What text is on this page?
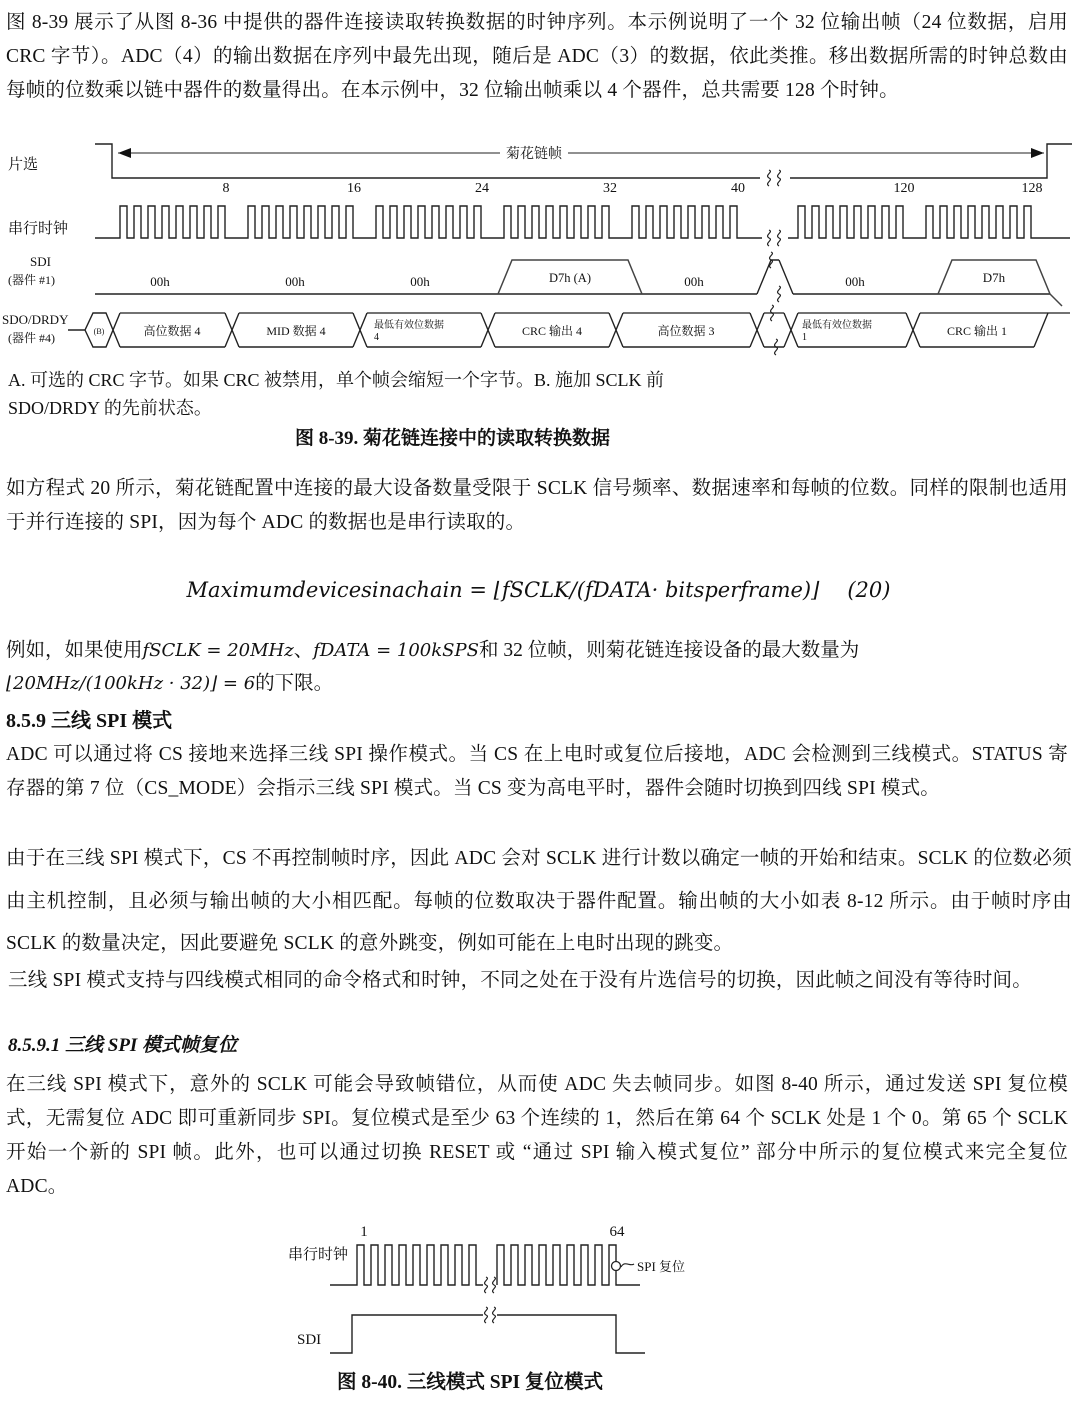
图 8-39 展示了从图 8-36 中提供的器件连接读取转换数据的时钟序列。本示例说明了一个 32 位输出帧（24 位数据，启用 CRC 字节）。ADC（4）的输出数据在序列中最先出现，随后是 ADC（3）的数据，依此类推。移出数据所需的时钟总数由每帧的位数乘以链中器件的数量得出。在本示例中，32 位输出帧乘以 4 个器件，总共需要 128 个时钟。
片选
菊花链帧
串行时钟
8	16	24	32	40	120	128
SDI
(器件 #1)	00h	00h	00h	D7h (A)	00h	00h	D7h
SDO/DRDY
(器件 #4)	(B)	高位数据 4	MID 数据 4	最低有效位数据
4	CRC 输出 4	高位数据 3	最低有效位数据
1	CRC 输出 1
A. 可选的 CRC 字节。如果 CRC 被禁用，单个帧会缩短一个字节。B. 施加 SCLK 前
SDO/DRDY 的先前状态。
图 8-39. 菊花链连接中的读取转换数据
如方程式 20 所示，菊花链配置中连接的最大设备数量受限于 SCLK 信号频率、数据速率和每帧的位数。同样的限制也适用于并行连接的 SPI，因为每个 ADC 的数据也是串行读取的。
Maximumdevicesinachain = ⌊fSCLK/(fDATA· bitsperframe)⌋ (20)
例如，如果使用fSCLK = 20MHz、fDATA = 100kSPS和 32 位帧，则菊花链连接设备的最大数量为
⌊20MHz/(100kHz · 32)⌋ = 6的下限。
8.5.9 三线 SPI 模式
ADC 可以通过将 CS 接地来选择三线 SPI 操作模式。当 CS 在上电时或复位后接地，ADC 会检测到三线模式。STATUS 寄存器的第 7 位（CS_MODE）会指示三线 SPI 模式。当 CS 变为高电平时，器件会随时切换到四线 SPI 模式。
由于在三线 SPI 模式下，CS 不再控制帧时序，因此 ADC 会对 SCLK 进行计数以确定一帧的开始和结束。SCLK 的位数必须由主机控制，且必须与输出帧的大小相匹配。每帧的位数取决于器件配置。输出帧的大小如表 8-12 所示。由于帧时序由 SCLK 的数量决定，因此要避免 SCLK 的意外跳变，例如可能在上电时出现的跳变。
三线 SPI 模式支持与四线模式相同的命令格式和时钟，不同之处在于没有片选信号的切换，因此帧之间没有等待时间。
8.5.9.1 三线 SPI 模式帧复位
在三线 SPI 模式下，意外的 SCLK 可能会导致帧错位，从而使 ADC 失去帧同步。如图 8-40 所示，通过发送 SPI 复位模式，无需复位 ADC 即可重新同步 SPI。复位模式是至少 63 个连续的 1，然后在第 64 个 SCLK 处是 1 个 0。第 65 个 SCLK 开始一个新的 SPI 帧。此外，也可以通过切换 RESET 或 “通过 SPI 输入模式复位” 部分中所示的复位模式来完全复位 ADC。
串行时钟
1	64
SPI 复位
SDI
图 8-40. 三线模式 SPI 复位模式
